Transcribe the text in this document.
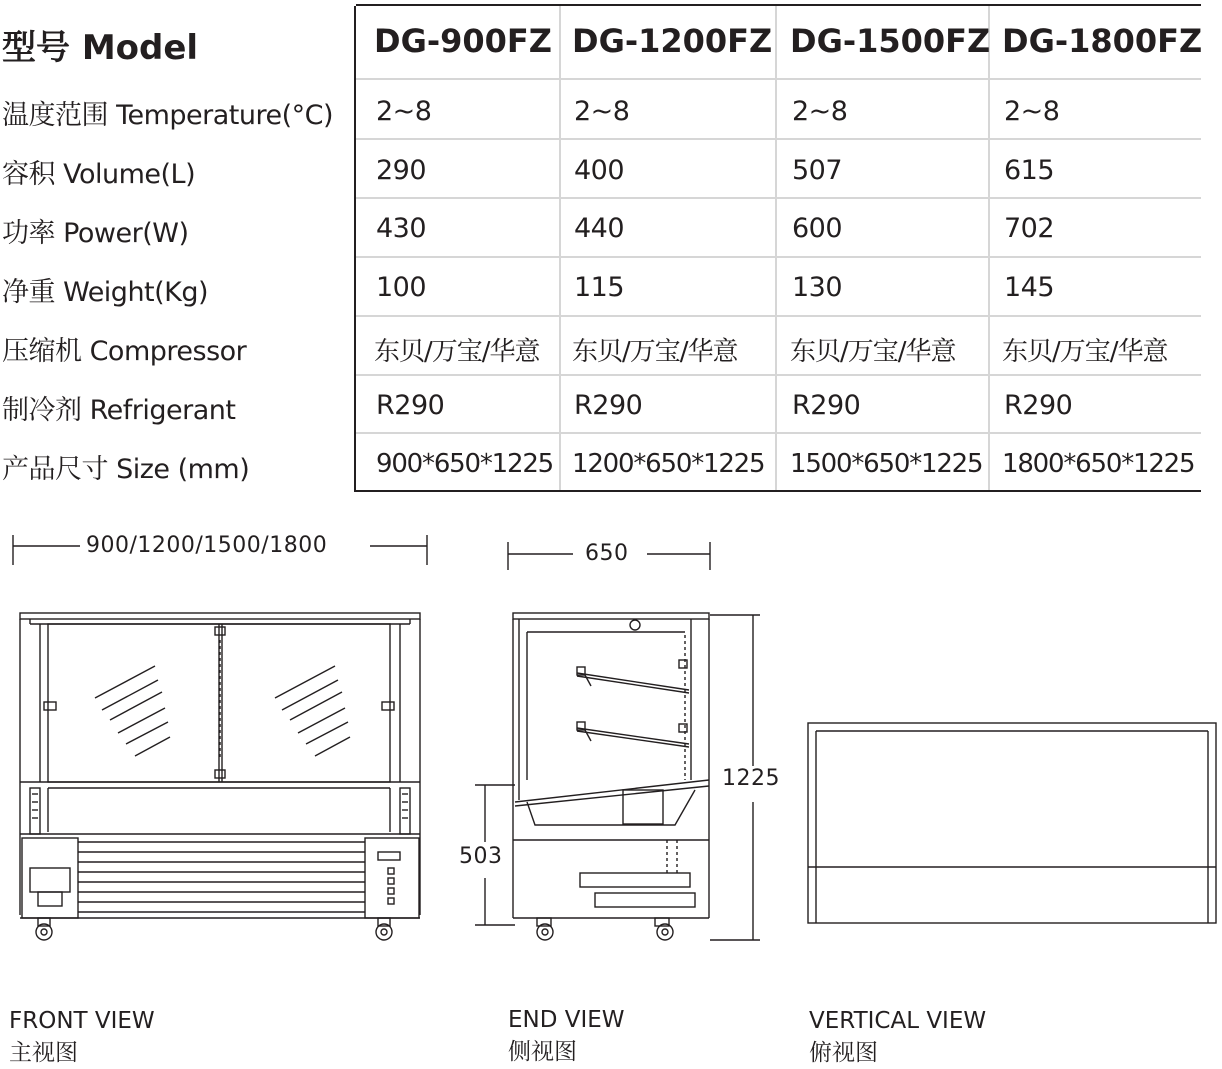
型号 Model	DG-900FZ DG-1200FZ DG-1500FZ DG-1800FZ
温度范围 Temperature(°C) 2~8	2~8	2~8	2~8
容积 Volume(L)	290	400	507	615
功率 Power(W)	430	440	600	702
净重 Weight(Kg)	100	115	130	145
压缩机 Compressor	东贝/万宝/华意 东贝/万宝/华意 东贝/万宝/华意 东贝/万宝/华意
制冷剂 Refrigerant	R290	R290	R290	R290
产品尺寸 Size (mm)	900*650*1225 1200*650*1225 1500*650*1225 1800*650*1225
900/1200/1500/1800	650
1225
503
FRONT VIEW
主视图
END VIEW
侧视图
VERTICAL VIEW
俯视图
